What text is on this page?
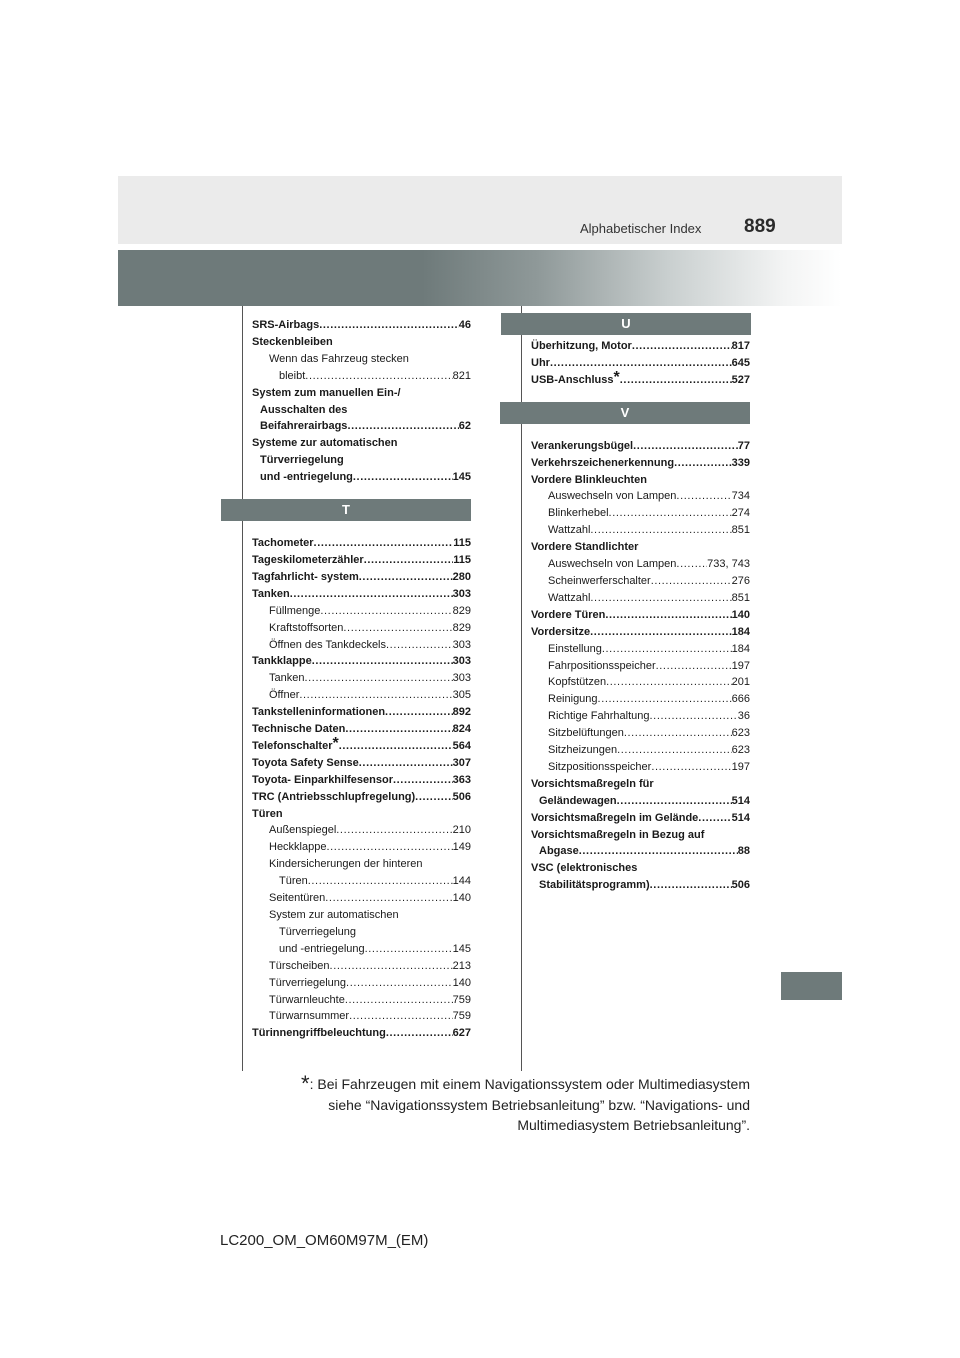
Alphabetischer Index 889
U
SRS-Airbags .....	46
Steckenbleiben
Wenn das Fahrzeug stecken
bleibt .....	821
System zum manuellen Ein-/
Ausschalten des
Beifahrerairbags .....	62
Systeme zur automatischen
Türverriegelung
und -entriegelung .....	145
T
Tachometer .....	115
Tageskilometerzähler .....	115
Tagfahrlicht- system .....	280
Tanken .....	303
Füllmenge .....	829
Kraftstoffsorten .....	829
Öffnen des Tankdeckels .....	303
Tankklappe .....	303
Tanken .....	303
Öffner .....	305
Tankstelleninformationen .....	892
Technische Daten .....	824
Telefonschalter* .....	564
Toyota Safety Sense .....	307
Toyota- Einparkhilfesensor .....	363
TRC (Antriebsschlupfregelung) .....	506
Türen
Außenspiegel .....	210
Heckklappe .....	149
Kindersicherungen der hinteren
Türen .....	144
Seitentüren .....	140
System zur automatischen
Türverriegelung
und -entriegelung .....	145
Türscheiben .....	213
Türverriegelung .....	140
Türwarnleuchte .....	759
Türwarnsummer .....	759
Türinnengriffbeleuchtung .....	627
Überhitzung, Motor .....	817
Uhr .....	645
USB-Anschluss* .....	527
V
Verankerungsbügel .....	77
Verkehrszeichenerkennung .....	339
Vordere Blinkleuchten
Auswechseln von Lampen .....	734
Blinkerhebel .....	274
Wattzahl .....	851
Vordere Standlichter
Auswechseln von Lampen .....	733, 743
Scheinwerferschalter .....	276
Wattzahl .....	851
Vordere Türen .....	140
Vordersitze .....	184
Einstellung .....	184
Fahrpositionsspeicher .....	197
Kopfstützen .....	201
Reinigung .....	666
Richtige Fahrhaltung .....	36
Sitzbelüftungen .....	623
Sitzheizungen .....	623
Sitzpositionsspeicher .....	197
Vorsichtsmaßregeln für
Geländewagen .....	514
Vorsichtsmaßregeln im Gelände .....	514
Vorsichtsmaßregeln in Bezug auf
Abgase .....	88
VSC (elektronisches
Stabilitätsprogramm) .....	506
*: Bei Fahrzeugen mit einem Navigationssystem oder Multimediasystem
siehe “Navigationssystem Betriebsanleitung” bzw. “Navigations- und
Multimediasystem Betriebsanleitung”.
LC200_OM_OM60M97M_(EM)
